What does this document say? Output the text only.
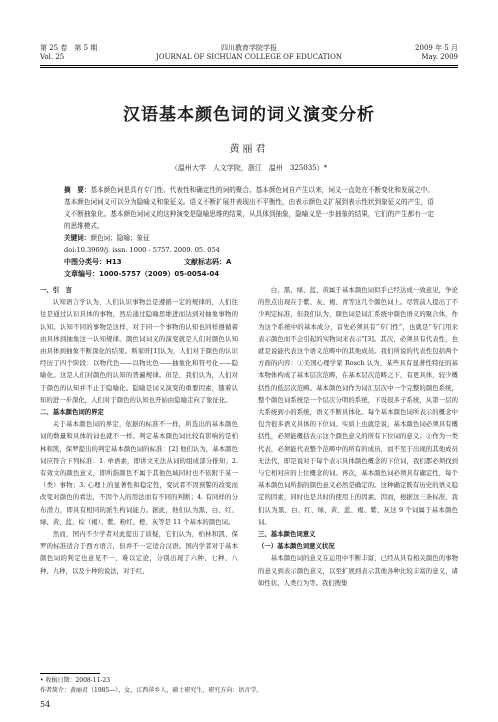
第 25 卷　第 5 期
Vol. 25
四川教育学院学报
JOURNAL OF SICHUAN COLLEGE OF EDUCATION
2009 年 5 月
May. 2009
汉语基本颜色词的词义演变分析
黄丽君
（温州大学　人文学院，浙江　温州　325035）*
摘　要：基本颜色词是具有专门性、代表性和确定性的词的聚合。基本颜色词自产生以来，词义一直处在不断变化和发展之中。基本颜色词词义可以分为隐喻义和象征义。语义不断扩展并表现出不平衡性，由表示颜色义扩展到表示性状到象征义的产生，语义不断抽象化。基本颜色词词义的这种演变是隐喻思维的结果，从具体到抽象，隐喻义是一步抽象的结果，它们的产生都有一定的思维模式。
关键词：颜色词；隐喻；象征
doi:10.3969/j. issn. 1000 - 5757. 2009. 05. 054
中图分类号：H13	文献标志码：A文章编号：1000-5757（2009）05-0054-04

一、引　言

认知语言学认为，人们认识事物总是遵循一定的规律的，人们往往是通过认识具体的事物，然后通过隐喻思维进而达到对抽象事物的认知。认知不同的事物是这样，对于同一个事物的认知也同样遵循着由具体到抽象这一认知规律。颜色词词义的演变就是人们对颜色认知由具体到抽象不断深化的结果。斯家旺[1]认为，人们对于颜色的认识经历了四个阶段：以物代色——以物比色——抽象化和符号化——隐喻化。这是人们对颜色的认知的普遍规律。但是，我们认为，人们对于颜色的认知并不止于隐喻化。隐喻是词义演变的重要因素，随着认知的进一步深化，人们对于颜色的认知也开始由隐喻走向了象征化。

二、基本颜色词的界定

关于基本颜色词的界定，依据的标准不一样，所选出的基本颜色词的数量和具体的词也就不一样。判定基本颜色词比较有影响的是柏林和凯，保罗提出的判定基本颜色词的标准：[2] 他们认为，基本颜色词应符合下列标准：1. 单语素，即讲文无法从词的组成部分推知；2. 有效文的颜色意义，即所指颜色不属于其他色域同时也不依附于某一（类）事物；3. 心理上的显著性和稳定性，变试者不因预警的改变而改变对颜色的看法，不因个人的用法而有不同的判断；4. 有同样的分布潜力，即具有相同的派生构词能力。据此，他们认为黑、白、红、绿、黄、蓝、棕（褐）、紫、粉红、橙、灰等是 11 个基本的颜色词。

然而，国内不少学者对此提出了质疑，它们认为，柏林和凯、保罗的标准适合于西方语言，但并不一定适合汉语。国内学者对于基本颜色词的判定也意见不一，难以定论，分别出现了六种、七种、八种、九种，以及十种的说法，对于红、

白、黑、绿、蓝、黄属于基本颜色词似乎已经达成一致意见，争论的焦点出现在于紫、灰、褐、青等这几个颜色词上。尽管前人提出了不少判定标准，但我们认为，颜色词是词汇系统中颜色语义的聚合体，作为这个系统中的基本成分，首先必须具有“专门性”，也就是“专门用来表示颜色而不会引起的实物词来表示”[3]。其次，必须具有代表性，也就是说能代表这个语义范畴中的其他成员。我们所说的代表性包括两个方面的内容：①美国心理学家 Rosch 认为，某些具有显著性特征的基本物体构成了基本层次范畴，在基本层次范畴之下，有更具体，较少概括性的低层次范畴。基本颜色词作为词汇层次中一个完整的颜色系统，整个颜色词系统是一个层次分明的系统，下设很多子系统，从第一层的大系统到小的系统，语义不断具体化。每个基本颜色词所表示的概念中包含很多语义具体的下位词。实质上也就是说，基本颜色词必须具有概括性，必须能概括表示这个颜色意义的所有下位词的意义；②作为一类代表，必须能代表整个范畴中的所有的成员，而不至于出现的其他成员无法代，即是说对于每个表示具体颜色概念的下位词，我们都必须找到与它相对应的上位概念的词。再次，基本颜色词必须具有确定性，每个基本颜色词所指的颜色意义必然是确定的。这种确定既有历史的语义稳定的因素，同时也是共时的使用上的因素。因而，根据这三条标准，我们认为黑、白、红、绿、黄、蓝、褐、紫、灰这 9 个词属于基本颜色词。

三、基本颜色词意义

（一）基本颜色词意义状况

基本颜色词的意义在运用中不断丰富，已经从具有相关颜色的事物的意义到表示颜色意义，以至扩展到表示其他各种比较丰富的意义，诸如性状、人类行为等。我们搜集

• 收稿日期：2008-11-23
作者简介：黄丽君（1985—），女，江西萍乡人，硕士研究生，研究方向：语言学。
54
